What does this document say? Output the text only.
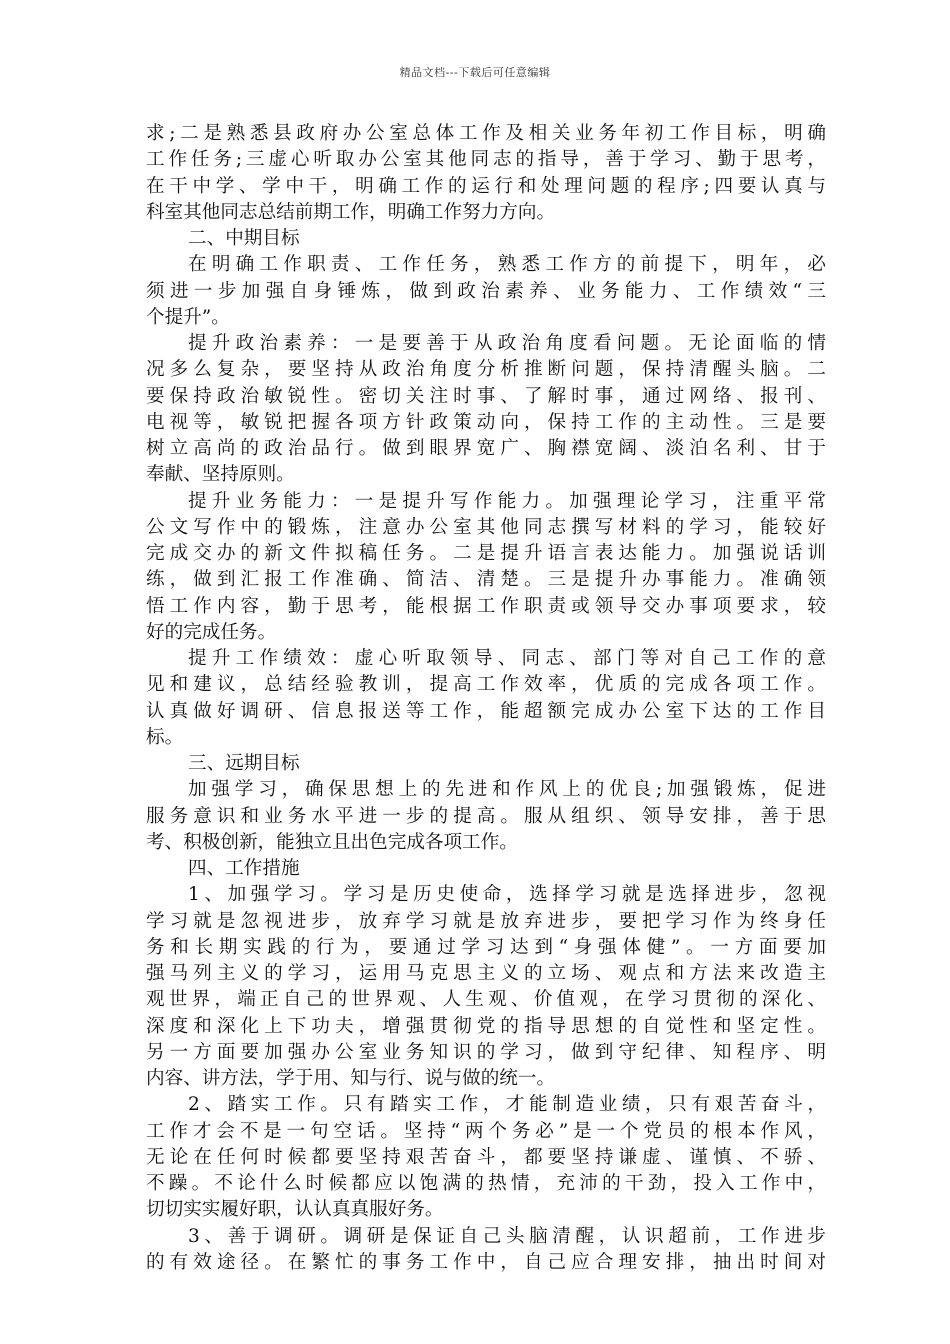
精品文档---下载后可任意编辑
求;二是熟悉县政府办公室总体工作及相关业务年初工作目标，明确
工作任务;三虚心听取办公室其他同志的指导，善于学习、勤于思考，
在干中学、学中干，明确工作的运行和处理问题的程序;四要认真与
科室其他同志总结前期工作，明确工作努力方向。
二、中期目标
在明确工作职责、工作任务，熟悉工作方的前提下，明年，必
须进一步加强自身锤炼，做到政治素养、业务能力、工作绩效“三
个提升”。
提升政治素养：一是要善于从政治角度看问题。无论面临的情
况多么复杂，要坚持从政治角度分析推断问题，保持清醒头脑。二
要保持政治敏锐性。密切关注时事、了解时事，通过网络、报刊、
电视等，敏锐把握各项方针政策动向，保持工作的主动性。三是要
树立高尚的政治品行。做到眼界宽广、胸襟宽阔、淡泊名利、甘于
奉献、坚持原则。
提升业务能力：一是提升写作能力。加强理论学习，注重平常
公文写作中的锻炼，注意办公室其他同志撰写材料的学习，能较好
完成交办的新文件拟稿任务。二是提升语言表达能力。加强说话训
练，做到汇报工作准确、简洁、清楚。三是提升办事能力。准确领
悟工作内容，勤于思考，能根据工作职责或领导交办事项要求，较
好的完成任务。
提升工作绩效：虚心听取领导、同志、部门等对自己工作的意
见和建议，总结经验教训，提高工作效率，优质的完成各项工作。
认真做好调研、信息报送等工作，能超额完成办公室下达的工作目
标。
三、远期目标
加强学习，确保思想上的先进和作风上的优良;加强锻炼，促进
服务意识和业务水平进一步的提高。服从组织、领导安排，善于思
考、积极创新，能独立且出色完成各项工作。
四、工作措施
1、加强学习。学习是历史使命，选择学习就是选择进步，忽视
学习就是忽视进步，放弃学习就是放弃进步，要把学习作为终身任
务和长期实践的行为，要通过学习达到“身强体健”。一方面要加
强马列主义的学习，运用马克思主义的立场、观点和方法来改造主
观世界，端正自己的世界观、人生观、价值观，在学习贯彻的深化、
深度和深化上下功夫，增强贯彻党的指导思想的自觉性和坚定性。
另一方面要加强办公室业务知识的学习，做到守纪律、知程序、明
内容、讲方法，学于用、知与行、说与做的统一。
2、踏实工作。只有踏实工作，才能制造业绩，只有艰苦奋斗，
工作才会不是一句空话。坚持“两个务必”是一个党员的根本作风，
无论在任何时候都要坚持艰苦奋斗，都要坚持谦虚、谨慎、不骄、
不躁。不论什么时候都应以饱满的热情，充沛的干劲，投入工作中，
切切实实履好职，认认真真服好务。
3、善于调研。调研是保证自己头脑清醒，认识超前，工作进步
的有效途径。在繁忙的事务工作中，自己应合理安排，抽出时间对
